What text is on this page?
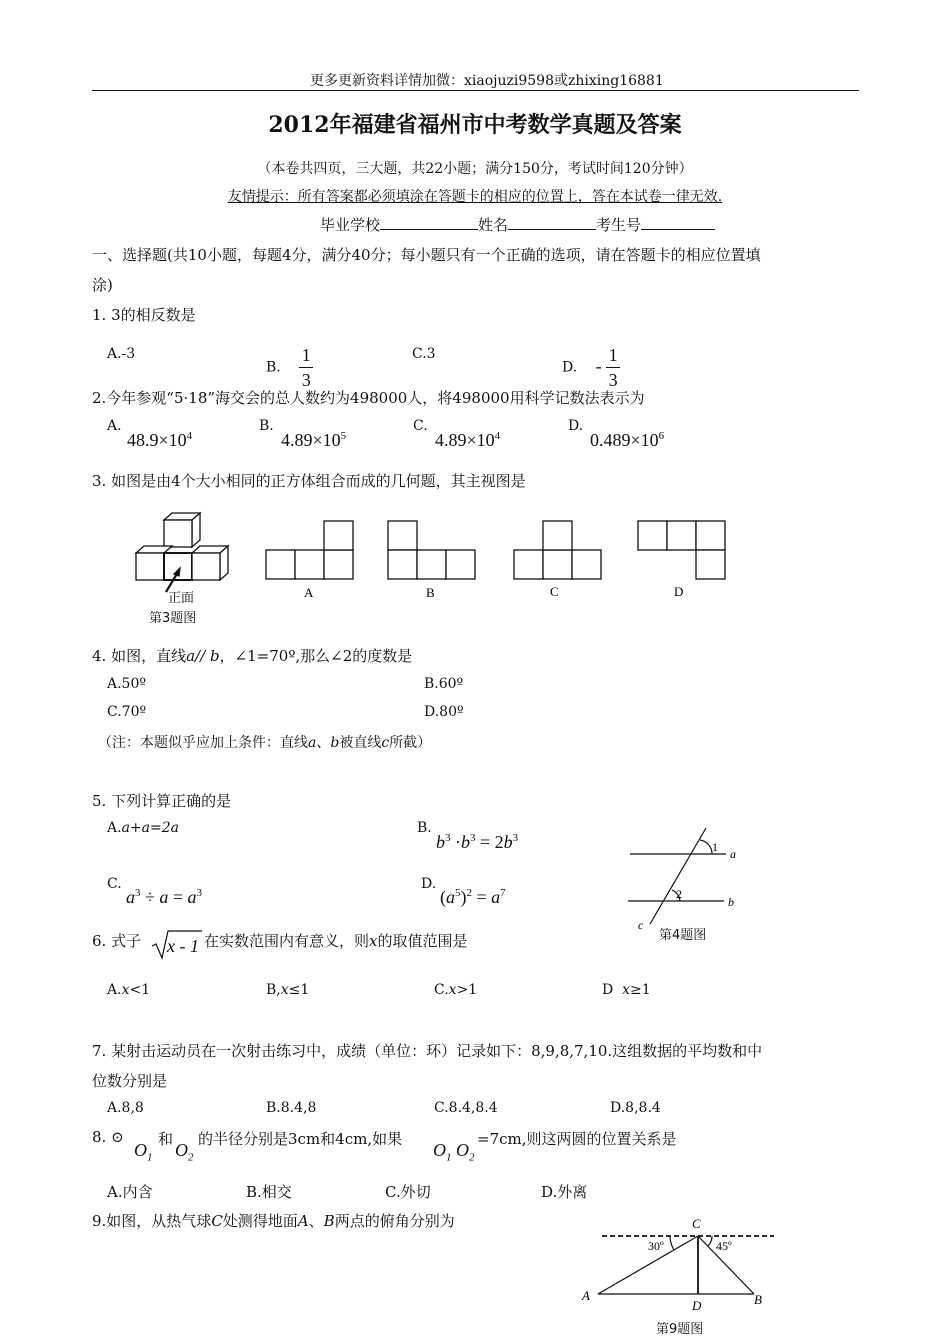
更多更新资料详情加微：xiaojuzi9598或zhixing16881
2012年福建省福州市中考数学真题及答案
（本卷共四页，三大题，共22小题；满分150分，考试时间120分钟）
友情提示：所有答案都必须填涂在答题卡的相应的位置上，答在本试卷一律无效.
毕业学校	姓名	考生号
一、选择题(共10小题，每题4分，满分40分；每小题只有一个正确的选项，请在答题卡的相应位置填
涂)
1. 3的相反数是
A.-3
B. $\frac{1}{3}$	C.3
D. - $\frac{1}{3}$
2.今年参观“5·18”海交会的总人数约为498000人，将498000用科学记数法表示为
A.
$48.9\times 10^4$
B.
$4.89\times 10^5$
C.
$4.89\times 10^4$
D.
$0.489\times 10^6$
3. 如图是由4个大小相同的正方体组合而成的几何题，其主视图是
A	B	C	D
正面
第3题图
4. 如图，直线a// b，∠1=70º,那么∠2的度数是
A.50º	B.60º
C.70º	D.80º
（注：本题似乎应加上条件：直线a、b被直线c所截）
1
2
a
b
c
第4题图
5. 下列计算正确的是
A.a+a=2a	B.
$b^3 \cdot b^3 = 2b^3$
C.
$a^3 \div a = a^3$
D.
$(a^5)^2 = a^7$
6. 式子 x - 1 在实数范围内有意义，则x的取值范围是
A.x<1	B,x≤1	C.x>1	D  x≥1
7. 某射击运动员在一次射击练习中，成绩（单位：环）记录如下：8,9,8,7,10.这组数据的平均数和中
位数分别是
A.8,8	B.8.4,8	C.8.4,8.4	D.8,8.4
8. ⊙
$O_1$
和
$O_2$
的半径分别是3cm和4cm,如果
$O_1$ $O_2$
=7cm,则这两圆的位置关系是
A.内含	B.相交	C.外切	D.外离
9.如图，从热气球C处测得地面A、B两点的俯角分别为	C
30º	45º
A
D	B
第9题图
